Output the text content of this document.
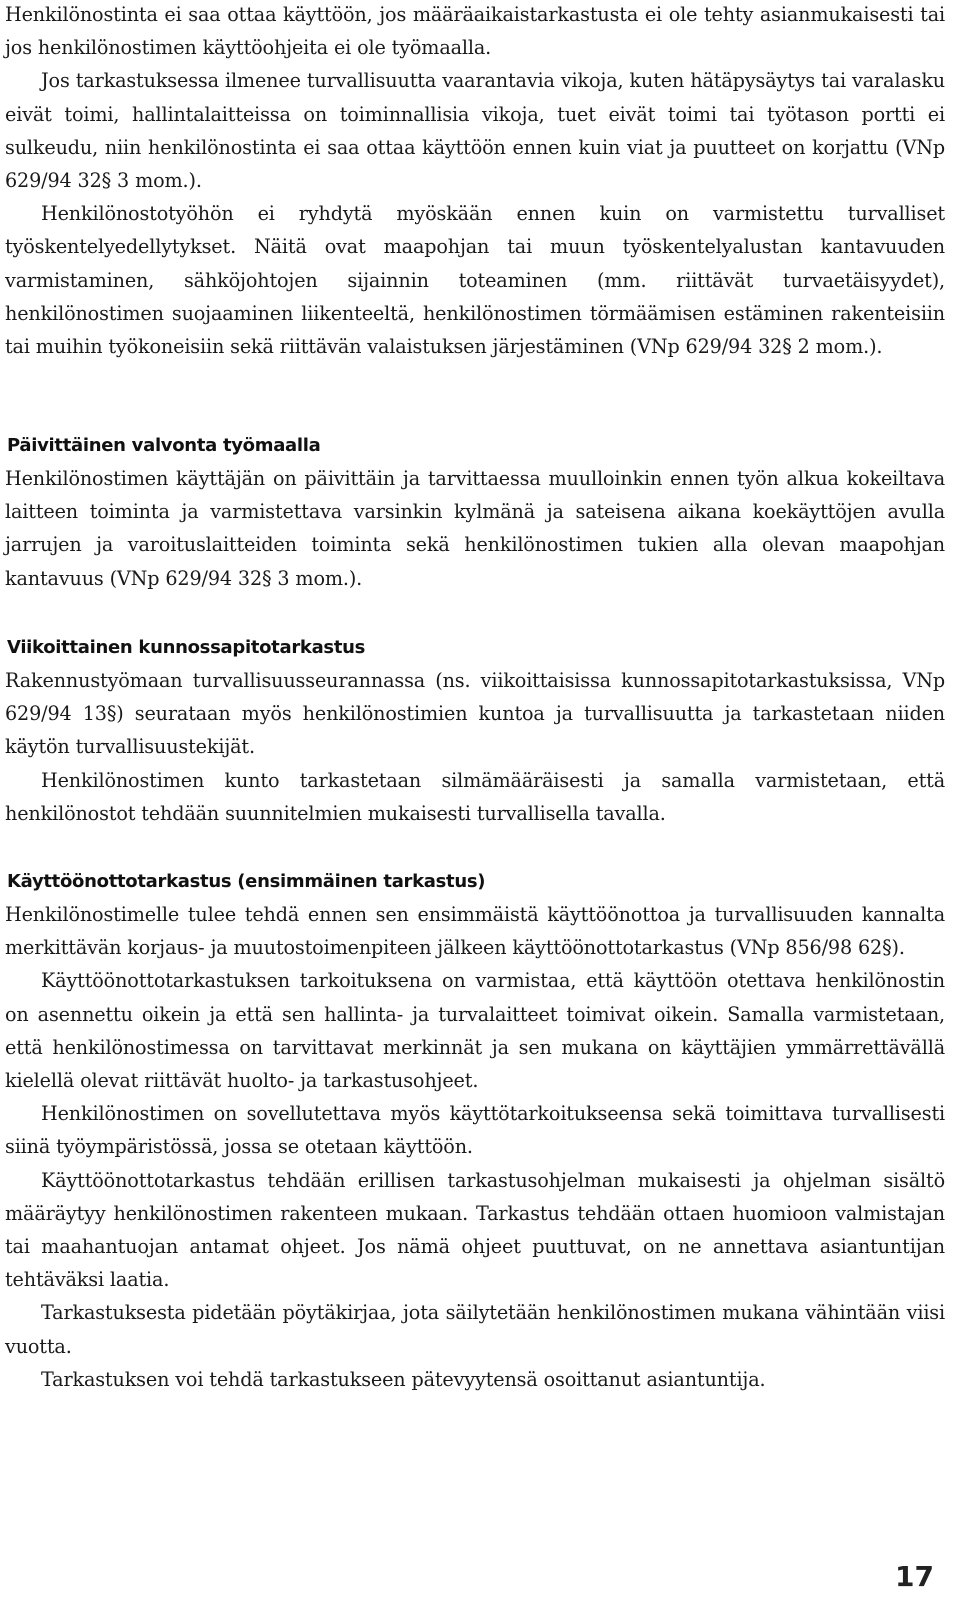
Henkilönostinta ei saa ottaa käyttöön, jos määräaikaistarkastusta ei ole tehty asianmukaisesti tai jos henkilönostimen käyttöohjeita ei ole työmaalla.

Jos tarkastuksessa ilmenee turvallisuutta vaarantavia vikoja, kuten hätäpysäytys tai varalasku eivät toimi, hallintalaitteissa on toiminnallisia vikoja, tuet eivät toimi tai työtason portti ei sulkeudu, niin henkilönostinta ei saa ottaa käyttöön ennen kuin viat ja puutteet on korjattu (VNp 629/94 32§ 3 mom.).

Henkilönostotyöhön ei ryhdytä myöskään ennen kuin on varmistettu turvalliset työskentelyedellytykset. Näitä ovat maapohjan tai muun työskentelyalustan kantavuuden varmistaminen, sähköjohtojen sijainnin toteaminen (mm. riittävät turvaetäisyydet), henkilönostimen suojaaminen liikenteeltä, henkilönostimen törmäämisen estäminen rakenteisiin tai muihin työkoneisiin sekä riittävän valaistuksen järjestäminen (VNp 629/94 32§ 2 mom.).

Päivittäinen valvonta työmaalla

Henkilönostimen käyttäjän on päivittäin ja tarvittaessa muulloinkin ennen työn alkua kokeiltava laitteen toiminta ja varmistettava varsinkin kylmänä ja sateisena aikana koekäyttöjen avulla jarrujen ja varoituslaitteiden toiminta sekä henkilönostimen tukien alla olevan maapohjan kantavuus (VNp 629/94 32§ 3 mom.).

Viikoittainen kunnossapitotarkastus

Rakennustyömaan turvallisuusseurannassa (ns. viikoittaisissa kunnossapitotarkastuksissa, VNp 629/94 13§) seurataan myös henkilönostimien kuntoa ja turvallisuutta ja tarkastetaan niiden käytön turvallisuustekijät.

Henkilönostimen kunto tarkastetaan silmämääräisesti ja samalla varmistetaan, että henkilönostot tehdään suunnitelmien mukaisesti turvallisella tavalla.

Käyttöönottotarkastus (ensimmäinen tarkastus)

Henkilönostimelle tulee tehdä ennen sen ensimmäistä käyttöönottoa ja turvallisuuden kannalta merkittävän korjaus- ja muutostoimenpiteen jälkeen käyttöönottotarkastus (VNp 856/98 62§).

Käyttöönottotarkastuksen tarkoituksena on varmistaa, että käyttöön otettava henkilönostin on asennettu oikein ja että sen hallinta- ja turvalaitteet toimivat oikein. Samalla varmistetaan, että henkilönostimessa on tarvittavat merkinnät ja sen mukana on käyttäjien ymmärrettävällä kielellä olevat riittävät huolto- ja tarkastusohjeet.

Henkilönostimen on sovellutettava myös käyttötarkoitukseensa sekä toimittava turvallisesti siinä työympäristössä, jossa se otetaan käyttöön.

Käyttöönottotarkastus tehdään erillisen tarkastusohjelman mukaisesti ja ohjelman sisältö määräytyy henkilönostimen rakenteen mukaan. Tarkastus tehdään ottaen huomioon valmistajan tai maahantuojan antamat ohjeet. Jos nämä ohjeet puuttuvat, on ne annettava asiantuntijan tehtäväksi laatia.

Tarkastuksesta pidetään pöytäkirjaa, jota säilytetään henkilönostimen mukana vähintään viisi vuotta.

Tarkastuksen voi tehdä tarkastukseen pätevyytensä osoittanut asiantuntija.

17
